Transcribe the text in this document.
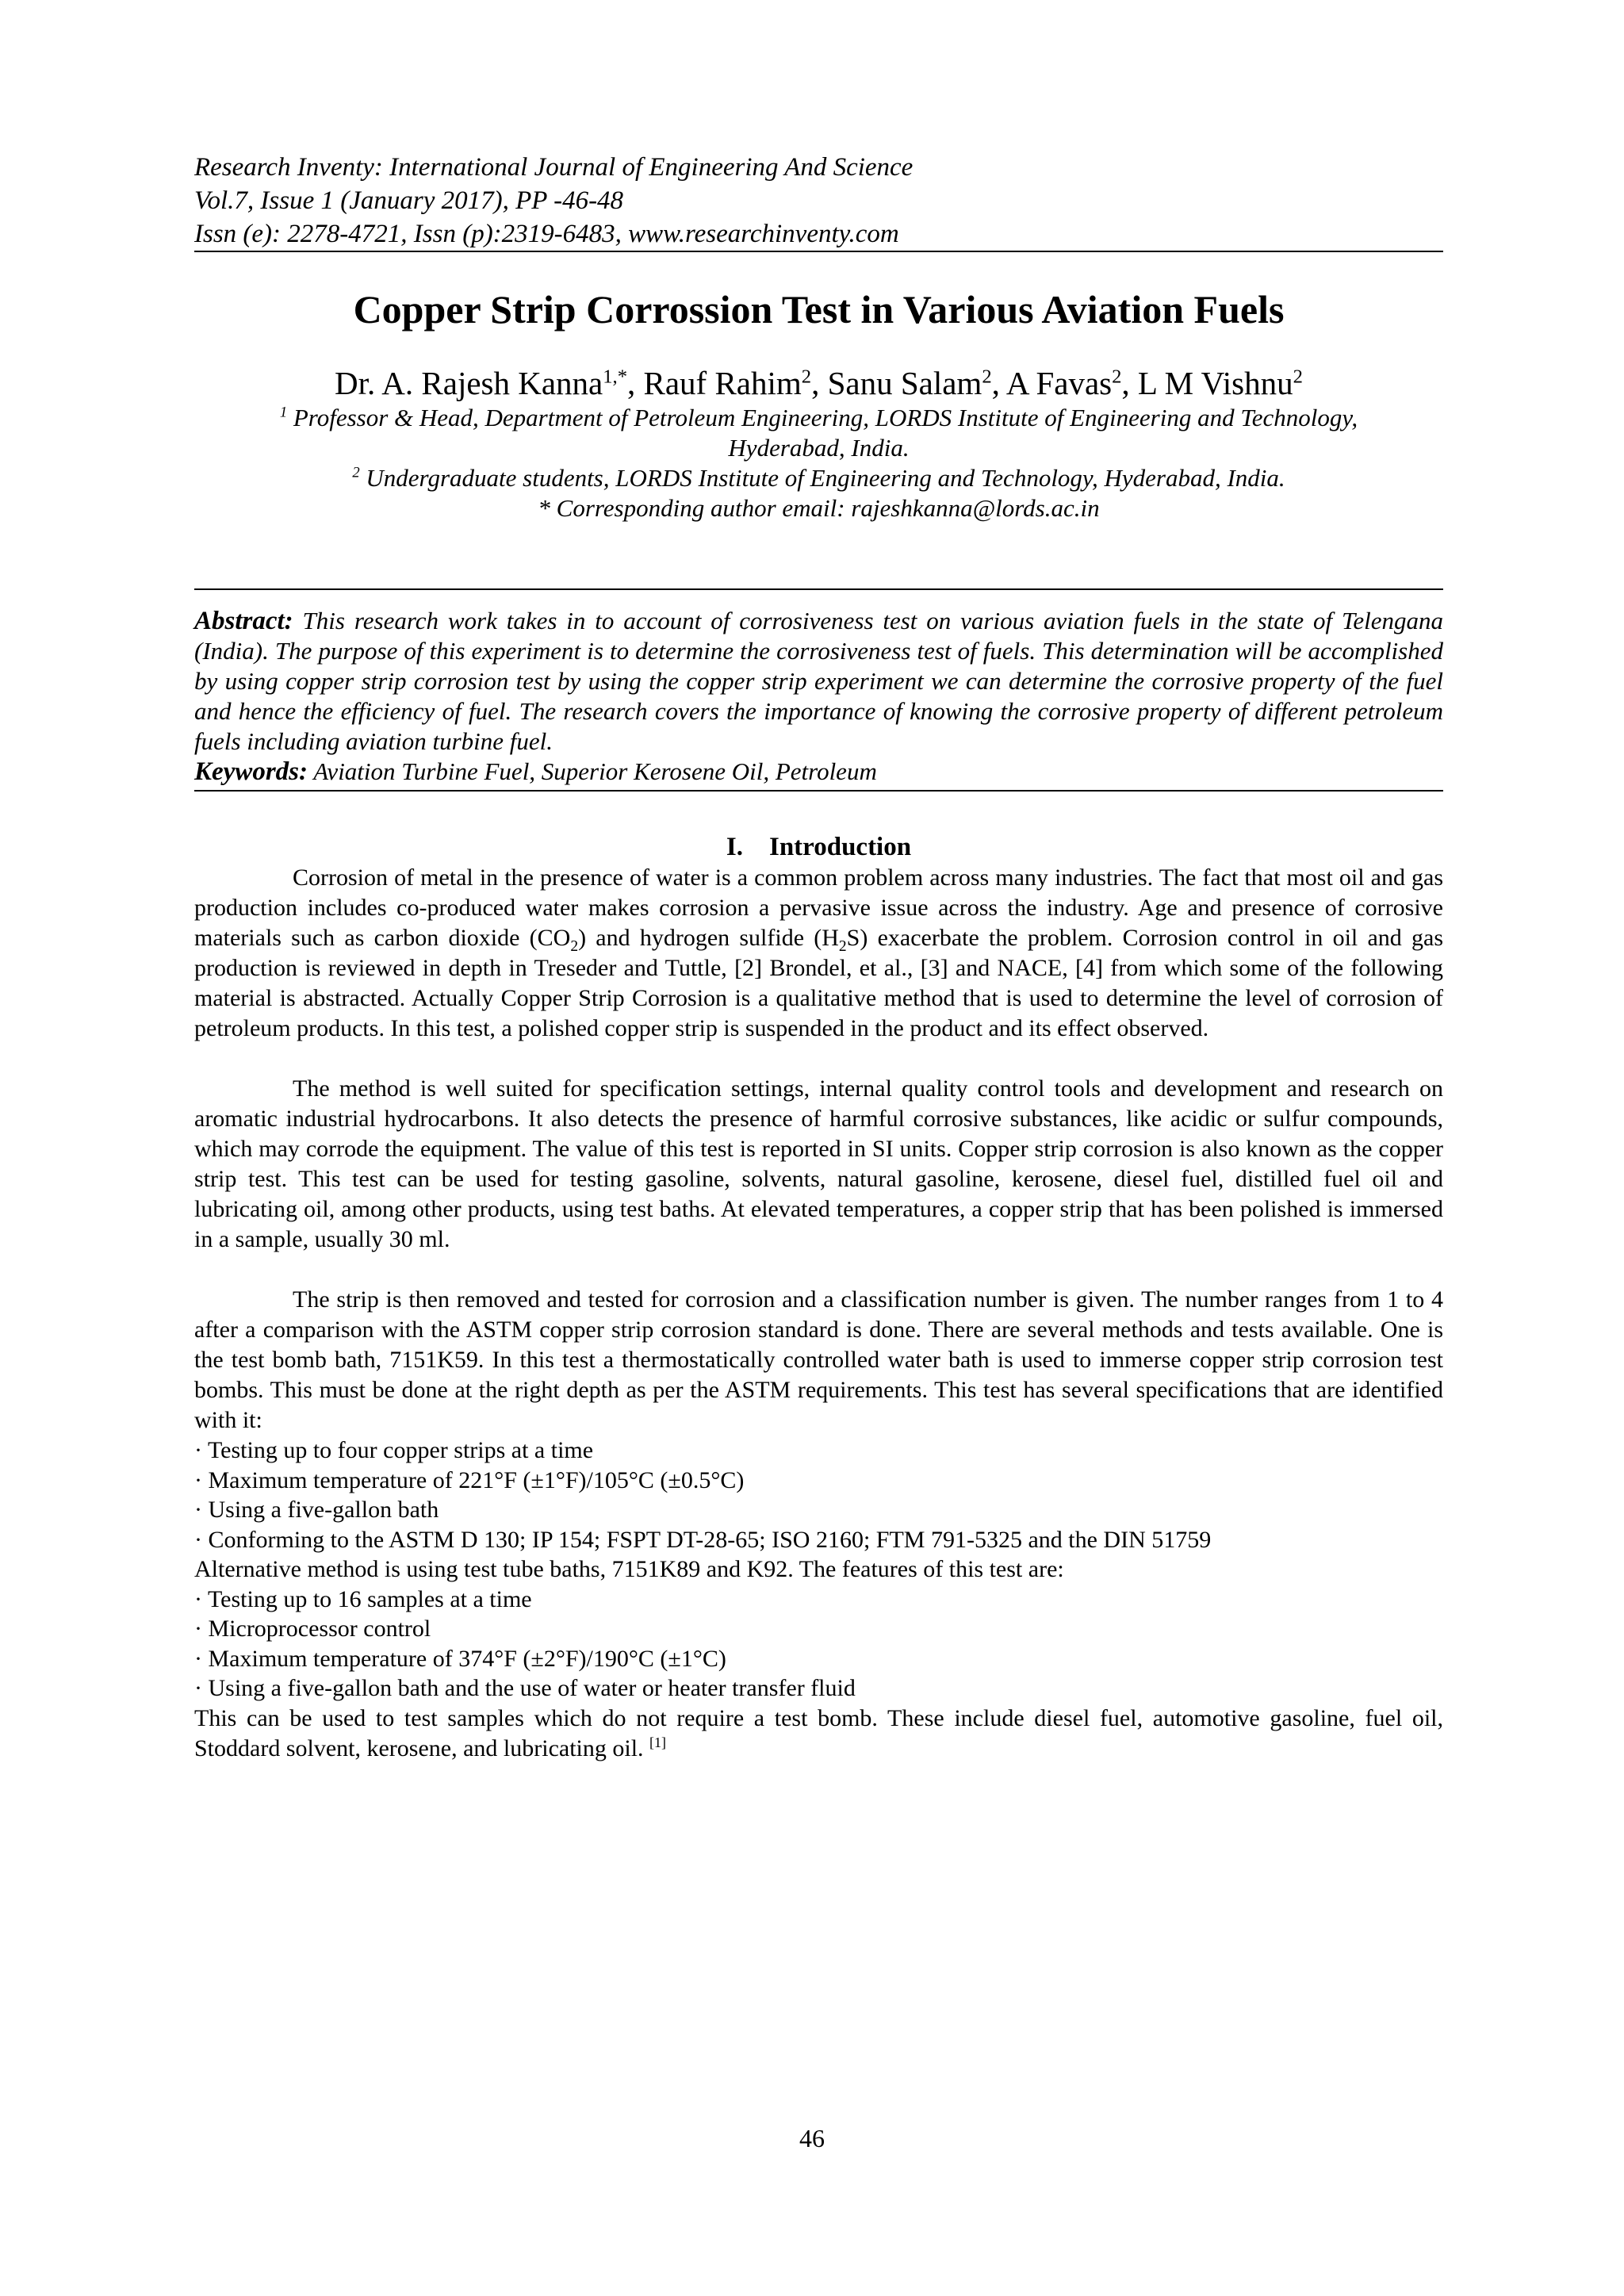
Research Inventy: International Journal of Engineering And Science
Vol.7, Issue 1 (January 2017), PP -46-48
Issn (e): 2278-4721, Issn (p):2319-6483, www.researchinventy.com
Copper Strip Corrossion Test in Various Aviation Fuels
Dr. A. Rajesh Kanna$^{1,*}$, Rauf Rahim$^2$, Sanu Salam$^2$, A Favas$^2$, L M Vishnu$^2$
$^1$ Professor & Head, Department of Petroleum Engineering, LORDS Institute of Engineering and Technology,
Hyderabad, India.
$^2$ Undergraduate students, LORDS Institute of Engineering and Technology, Hyderabad, India.
* Corresponding author email: rajeshkanna@lords.ac.in
Abstract: This research work takes in to account of corrosiveness test on various aviation fuels in the state of Telengana (India). The purpose of this experiment is to determine the corrosiveness test of fuels. This determination will be accomplished by using copper strip corrosion test by using the copper strip experiment we can determine the corrosive property of the fuel and hence the efficiency of fuel. The research covers the importance of knowing the corrosive property of different petroleum fuels including aviation turbine fuel.
Keywords: Aviation Turbine Fuel, Superior Kerosene Oil, Petroleum
I. Introduction

Corrosion of metal in the presence of water is a common problem across many industries. The fact that most oil and gas production includes co-produced water makes corrosion a pervasive issue across the industry. Age and presence of corrosive materials such as carbon dioxide $(CO_2)$ and hydrogen sulfide $(H_2S)$ exacerbate the problem. Corrosion control in oil and gas production is reviewed in depth in Treseder and Tuttle, [2] Brondel, et al., [3] and NACE, [4] from which some of the following material is abstracted. Actually Copper Strip Corrosion is a qualitative method that is used to determine the level of corrosion of petroleum products. In this test, a polished copper strip is suspended in the product and its effect observed.

The method is well suited for specification settings, internal quality control tools and development and research on aromatic industrial hydrocarbons. It also detects the presence of harmful corrosive substances, like acidic or sulfur compounds, which may corrode the equipment. The value of this test is reported in SI units. Copper strip corrosion is also known as the copper strip test. This test can be used for testing gasoline, solvents, natural gasoline, kerosene, diesel fuel, distilled fuel oil and lubricating oil, among other products, using test baths. At elevated temperatures, a copper strip that has been polished is immersed in a sample, usually 30 ml.

The strip is then removed and tested for corrosion and a classification number is given. The number ranges from 1 to 4 after a comparison with the ASTM copper strip corrosion standard is done. There are several methods and tests available. One is the test bomb bath, 7151K59. In this test a thermostatically controlled water bath is used to immerse copper strip corrosion test bombs. This must be done at the right depth as per the ASTM requirements. This test has several specifications that are identified with it:

· Testing up to four copper strips at a time

· Maximum temperature of 221°F (±1°F)/105°C (±0.5°C)

· Using a five-gallon bath

· Conforming to the ASTM D 130; IP 154; FSPT DT-28-65; ISO 2160; FTM 791-5325 and the DIN 51759

Alternative method is using test tube baths, 7151K89 and K92. The features of this test are:

· Testing up to 16 samples at a time

· Microprocessor control

· Maximum temperature of 374°F (±2°F)/190°C (±1°C)

· Using a five-gallon bath and the use of water or heater transfer fluid

This can be used to test samples which do not require a test bomb. These include diesel fuel, automotive gasoline, fuel oil, Stoddard solvent, kerosene, and lubricating oil. [1]

46
